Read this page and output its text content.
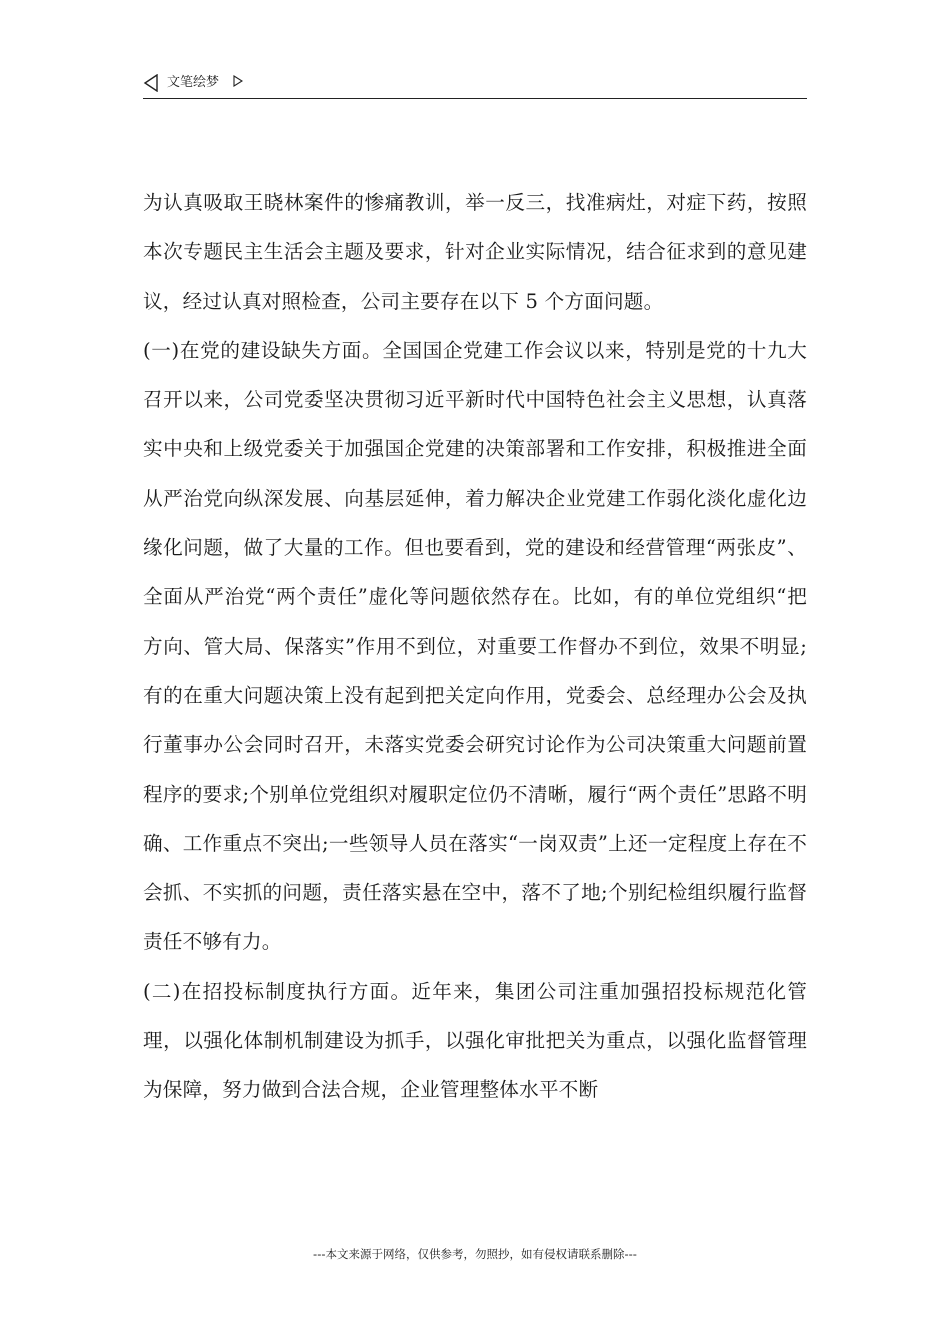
文笔绘梦

为认真吸取王晓林案件的惨痛教训，举一反三，找准病灶，对症下药，按照本次专题民主生活会主题及要求，针对企业实际情况，结合征求到的意见建议，经过认真对照检查，公司主要存在以下 5 个方面问题。

(一)在党的建设缺失方面。全国国企党建工作会议以来，特别是党的十九大召开以来，公司党委坚决贯彻习近平新时代中国特色社会主义思想，认真落实中央和上级党委关于加强国企党建的决策部署和工作安排，积极推进全面从严治党向纵深发展、向基层延伸，着力解决企业党建工作弱化淡化虚化边缘化问题，做了大量的工作。但也要看到，党的建设和经营管理“两张皮”、全面从严治党“两个责任”虚化等问题依然存在。比如，有的单位党组织“把方向、管大局、保落实”作用不到位，对重要工作督办不到位，效果不明显;有的在重大问题决策上没有起到把关定向作用，党委会、总经理办公会及执行董事办公会同时召开，未落实党委会研究讨论作为公司决策重大问题前置程序的要求;个别单位党组织对履职定位仍不清晰，履行“两个责任”思路不明确、工作重点不突出;一些领导人员在落实“一岗双责”上还一定程度上存在不会抓、不实抓的问题，责任落实悬在空中，落不了地;个别纪检组织履行监督责任不够有力。

(二)在招投标制度执行方面。近年来，集团公司注重加强招投标规范化管理，以强化体制机制建设为抓手，以强化审批把关为重点，以强化监督管理为保障，努力做到合法合规，企业管理整体水平不断

---本文来源于网络，仅供参考，勿照抄，如有侵权请联系删除---
